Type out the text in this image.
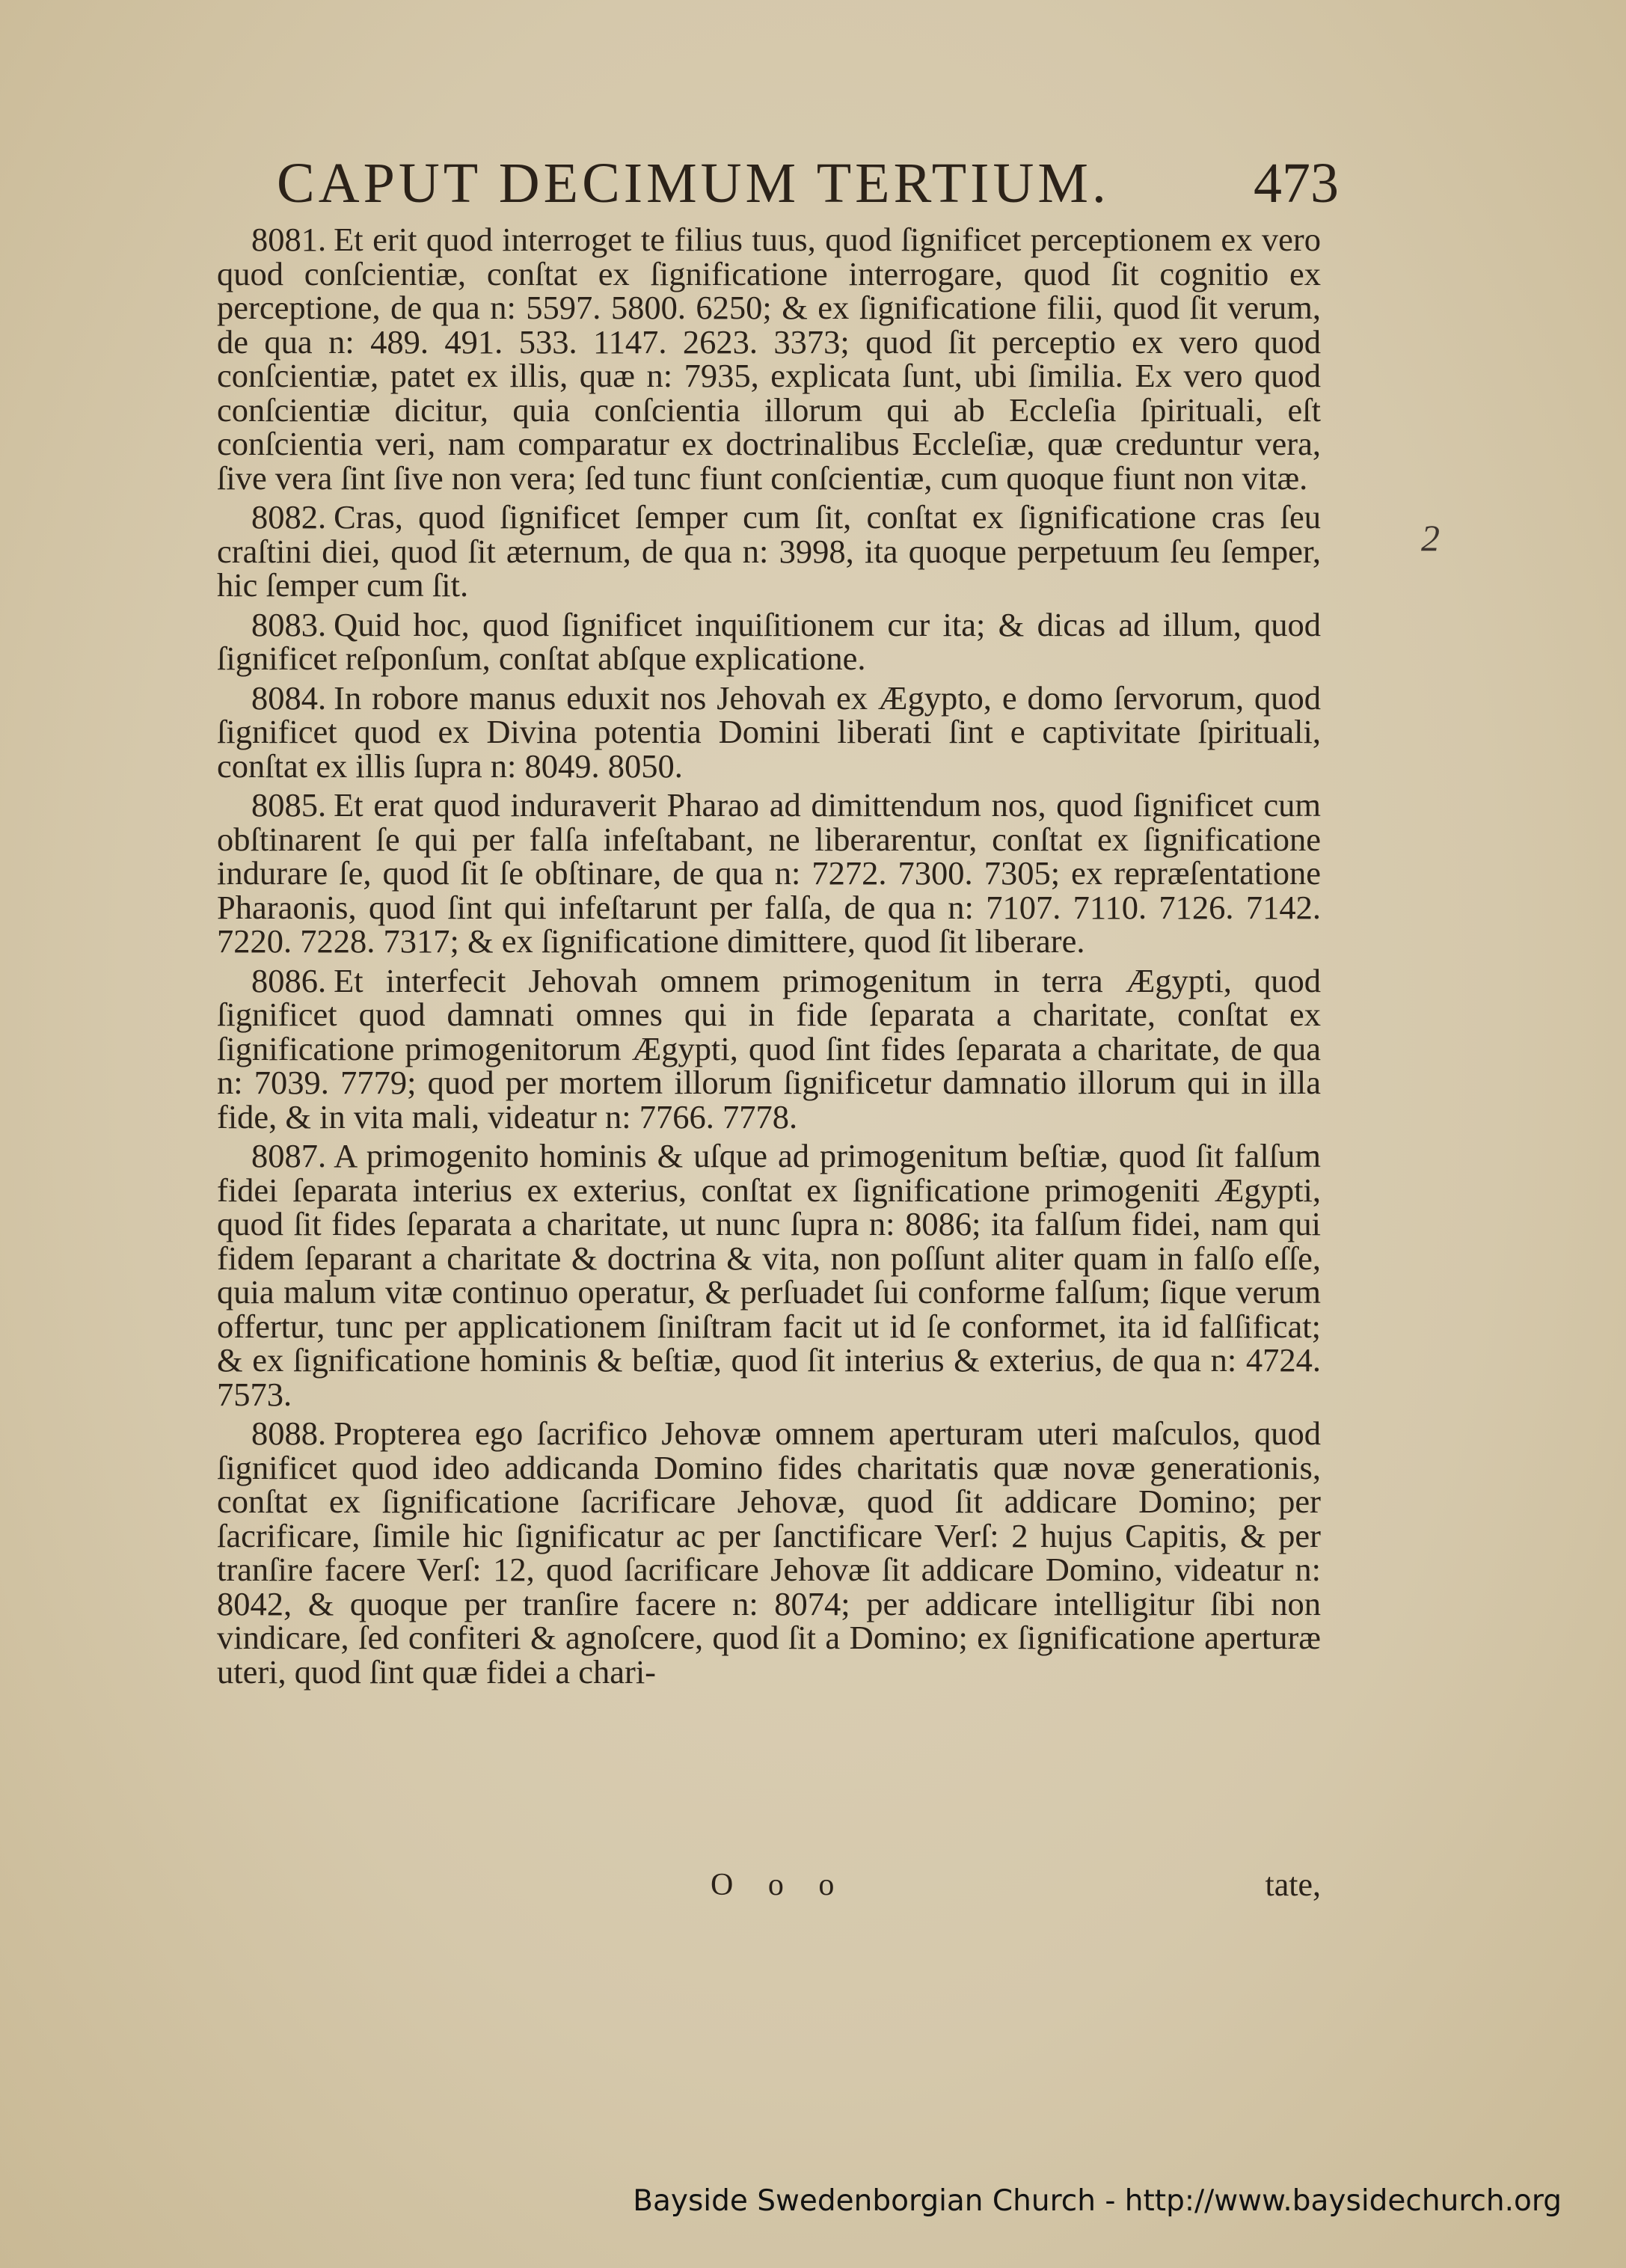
CAPUT DECIMUM TERTIUM.	473

8081. Et erit quod interroget te filius tuus, quod ſignificet perceptionem ex vero quod conſcientiæ, conſtat ex ſignificatione interrogare, quod ſit cognitio ex perceptione, de qua n: 5597. 5800. 6250; & ex ſignificatione filii, quod ſit verum, de qua n: 489. 491. 533. 1147. 2623. 3373; quod ſit perceptio ex vero quod conſcientiæ, patet ex illis, quæ n: 7935, explicata ſunt, ubi ſimilia. Ex vero quod conſcientiæ dicitur, quia conſcientia illorum qui ab Eccleſia ſpirituali, eſt conſcientia veri, nam comparatur ex doctrinalibus Eccleſiæ, quæ creduntur vera, ſive vera ſint ſive non vera; ſed tunc fiunt conſcientiæ, cum quoque fiunt non vitæ.

8082. Cras, quod ſignificet ſemper cum ſit, conſtat ex ſignificatione cras ſeu craſtini diei, quod ſit æternum, de qua n: 3998, ita quoque perpetuum ſeu ſemper, hic ſemper cum ſit.

8083. Quid hoc, quod ſignificet inquiſitionem cur ita; & dicas ad illum, quod ſignificet reſponſum, conſtat abſque explicatione.

8084. In robore manus eduxit nos Jehovah ex Ægypto, e domo ſervorum, quod ſignificet quod ex Divina potentia Domini liberati ſint e captivitate ſpirituali, conſtat ex illis ſupra n: 8049. 8050.

8085. Et erat quod induraverit Pharao ad dimittendum nos, quod ſignificet cum obſtinarent ſe qui per falſa infeſtabant, ne liberarentur, conſtat ex ſignificatione indurare ſe, quod ſit ſe obſtinare, de qua n: 7272. 7300. 7305; ex repræſentatione Pharaonis, quod ſint qui infeſtarunt per falſa, de qua n: 7107. 7110. 7126. 7142. 7220. 7228. 7317; & ex ſignificatione dimittere, quod ſit liberare.

8086. Et interfecit Jehovah omnem primogenitum in terra Ægypti, quod ſignificet quod damnati omnes qui in fide ſeparata a charitate, conſtat ex ſignificatione primogenitorum Ægypti, quod ſint fides ſeparata a charitate, de qua n: 7039. 7779; quod per mortem illorum ſignificetur damnatio illorum qui in illa fide, & in vita mali, videatur n: 7766. 7778.

8087. A primogenito hominis & uſque ad primogenitum beſtiæ, quod ſit falſum fidei ſeparata interius ex exterius, conſtat ex ſignificatione primogeniti Ægypti, quod ſit fides ſeparata a charitate, ut nunc ſupra n: 8086; ita falſum fidei, nam qui fidem ſeparant a charitate & doctrina & vita, non poſſunt aliter quam in falſo eſſe, quia malum vitæ continuo operatur, & perſuadet ſui conforme falſum; ſique verum offertur, tunc per applicationem ſiniſtram facit ut id ſe conformet, ita id falſificat; & ex ſignificatione hominis & beſtiæ, quod ſit interius & exterius, de qua n: 4724. 7573.

8088. Propterea ego ſacrifico Jehovæ omnem aperturam uteri maſculos, quod ſignificet quod ideo addicanda Domino fides charitatis quæ novæ generationis, conſtat ex ſignificatione ſacrificare Jehovæ, quod ſit addicare Domino; per ſacrificare, ſimile hic ſignificatur ac per ſanctificare Verſ: 2 hujus Capitis, & per tranſire facere Verſ: 12, quod ſacrificare Jehovæ ſit addicare Domino, videatur n: 8042, & quoque per tranſire facere n: 8074; per addicare intelligitur ſibi non vindicare, ſed confiteri & agnoſcere, quod ſit a Domino; ex ſignificatione aperturæ uteri, quod ſint quæ fidei a chari-

O o o	tate,
2
Bayside Swedenborgian Church - http://www.baysidechurch.org
